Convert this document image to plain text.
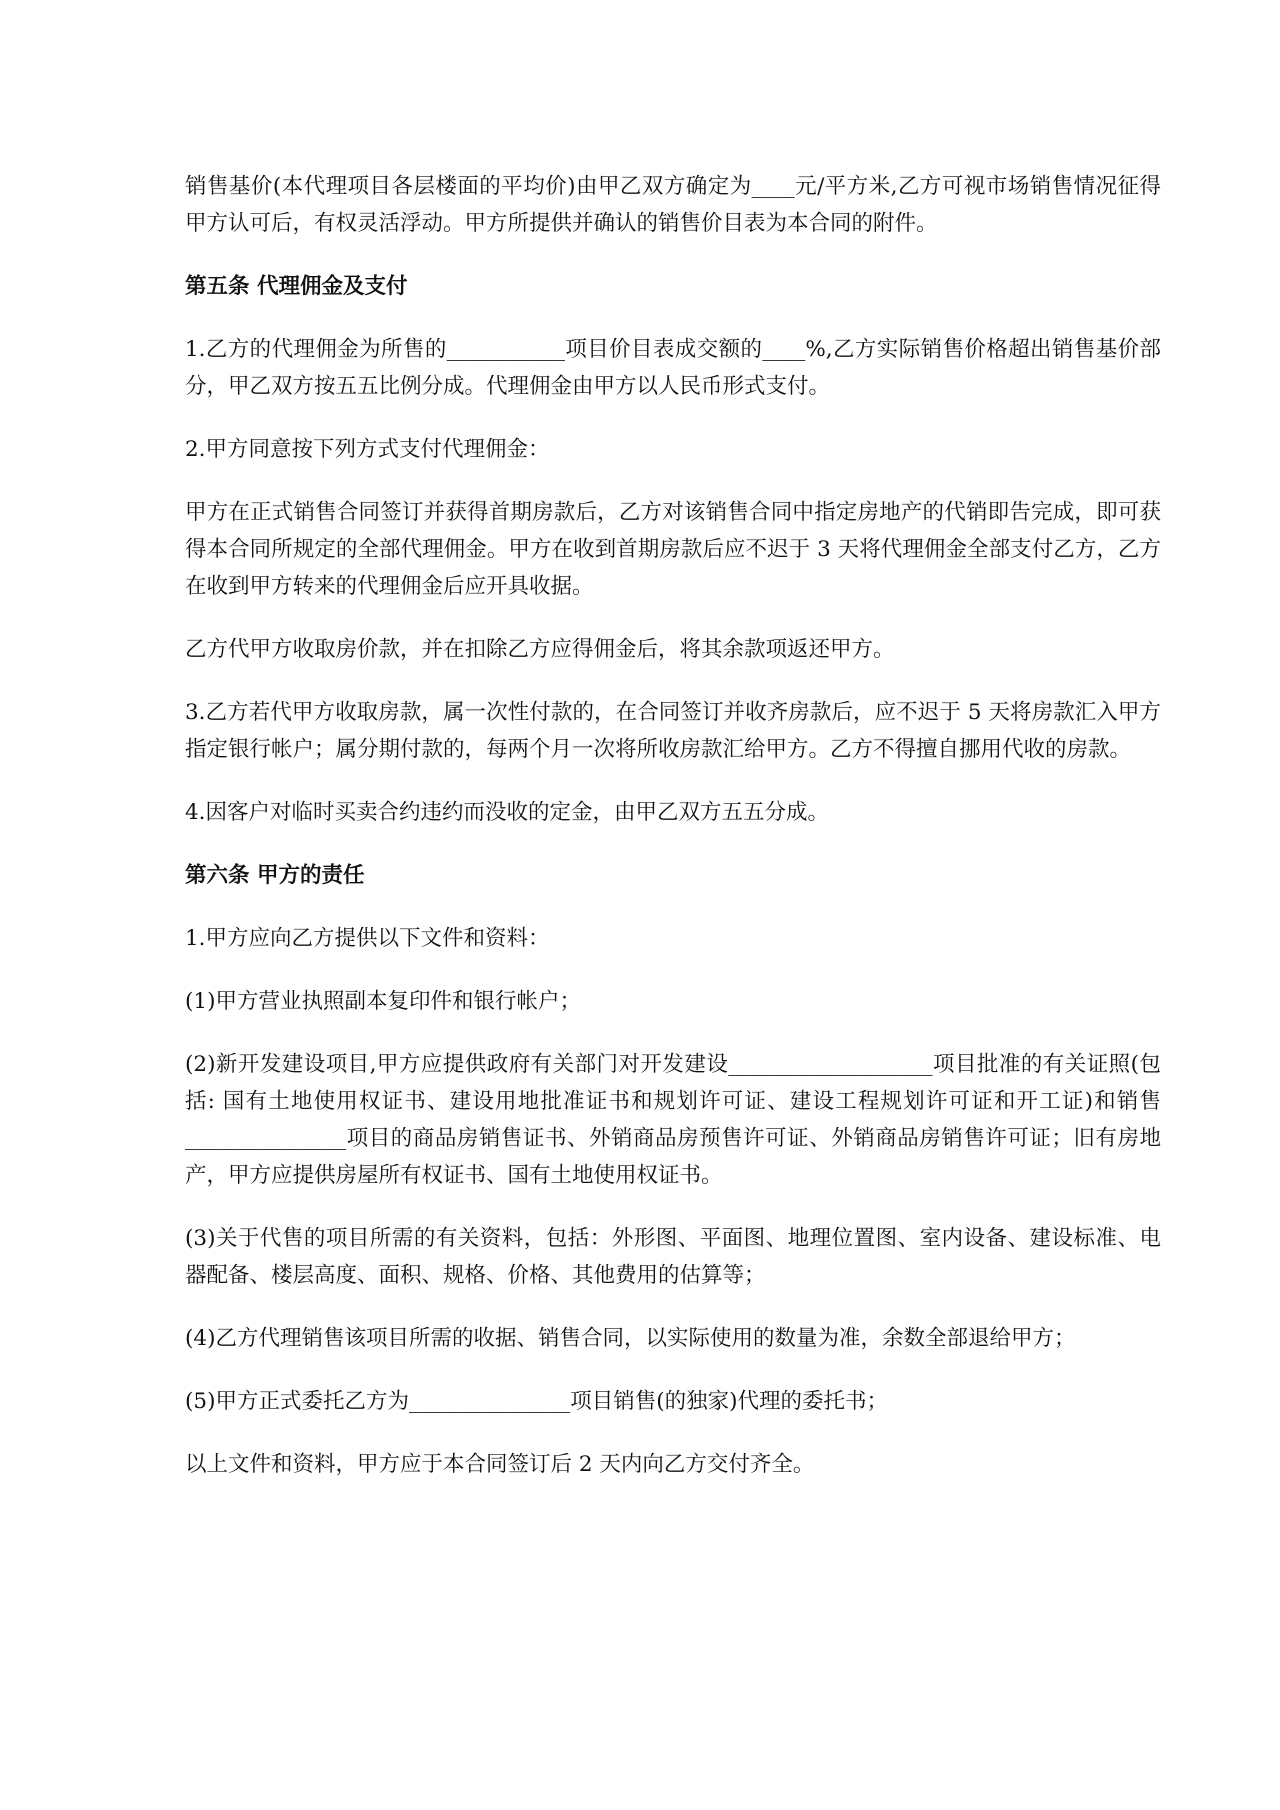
销售基价(本代理项目各层楼面的平均价)由甲乙双方确定为____元/平方米,乙方可视市场销售情况征得甲方认可后，有权灵活浮动。甲方所提供并确认的销售价目表为本合同的附件。

第五条 代理佣金及支付

1.乙方的代理佣金为所售的___________项目价目表成交额的____%,乙方实际销售价格超出销售基价部分，甲乙双方按五五比例分成。代理佣金由甲方以人民币形式支付。

2.甲方同意按下列方式支付代理佣金：

甲方在正式销售合同签订并获得首期房款后，乙方对该销售合同中指定房地产的代销即告完成，即可获得本合同所规定的全部代理佣金。甲方在收到首期房款后应不迟于 3 天将代理佣金全部支付乙方，乙方在收到甲方转来的代理佣金后应开具收据。

乙方代甲方收取房价款，并在扣除乙方应得佣金后，将其余款项返还甲方。

3.乙方若代甲方收取房款，属一次性付款的，在合同签订并收齐房款后，应不迟于 5 天将房款汇入甲方指定银行帐户；属分期付款的，每两个月一次将所收房款汇给甲方。乙方不得擅自挪用代收的房款。

4.因客户对临时买卖合约违约而没收的定金，由甲乙双方五五分成。

第六条 甲方的责任

1.甲方应向乙方提供以下文件和资料：

(1)甲方营业执照副本复印件和银行帐户；

(2)新开发建设项目,甲方应提供政府有关部门对开发建设___________________项目批准的有关证照(包括: 国有土地使用权证书、建设用地批准证书和规划许可证、建设工程规划许可证和开工证)和销售_______________项目的商品房销售证书、外销商品房预售许可证、外销商品房销售许可证；旧有房地产，甲方应提供房屋所有权证书、国有土地使用权证书。

(3)关于代售的项目所需的有关资料，包括：外形图、平面图、地理位置图、室内设备、建设标准、电器配备、楼层高度、面积、规格、价格、其他费用的估算等；

(4)乙方代理销售该项目所需的收据、销售合同，以实际使用的数量为准，余数全部退给甲方；

(5)甲方正式委托乙方为_______________项目销售(的独家)代理的委托书；

以上文件和资料，甲方应于本合同签订后 2 天内向乙方交付齐全。
